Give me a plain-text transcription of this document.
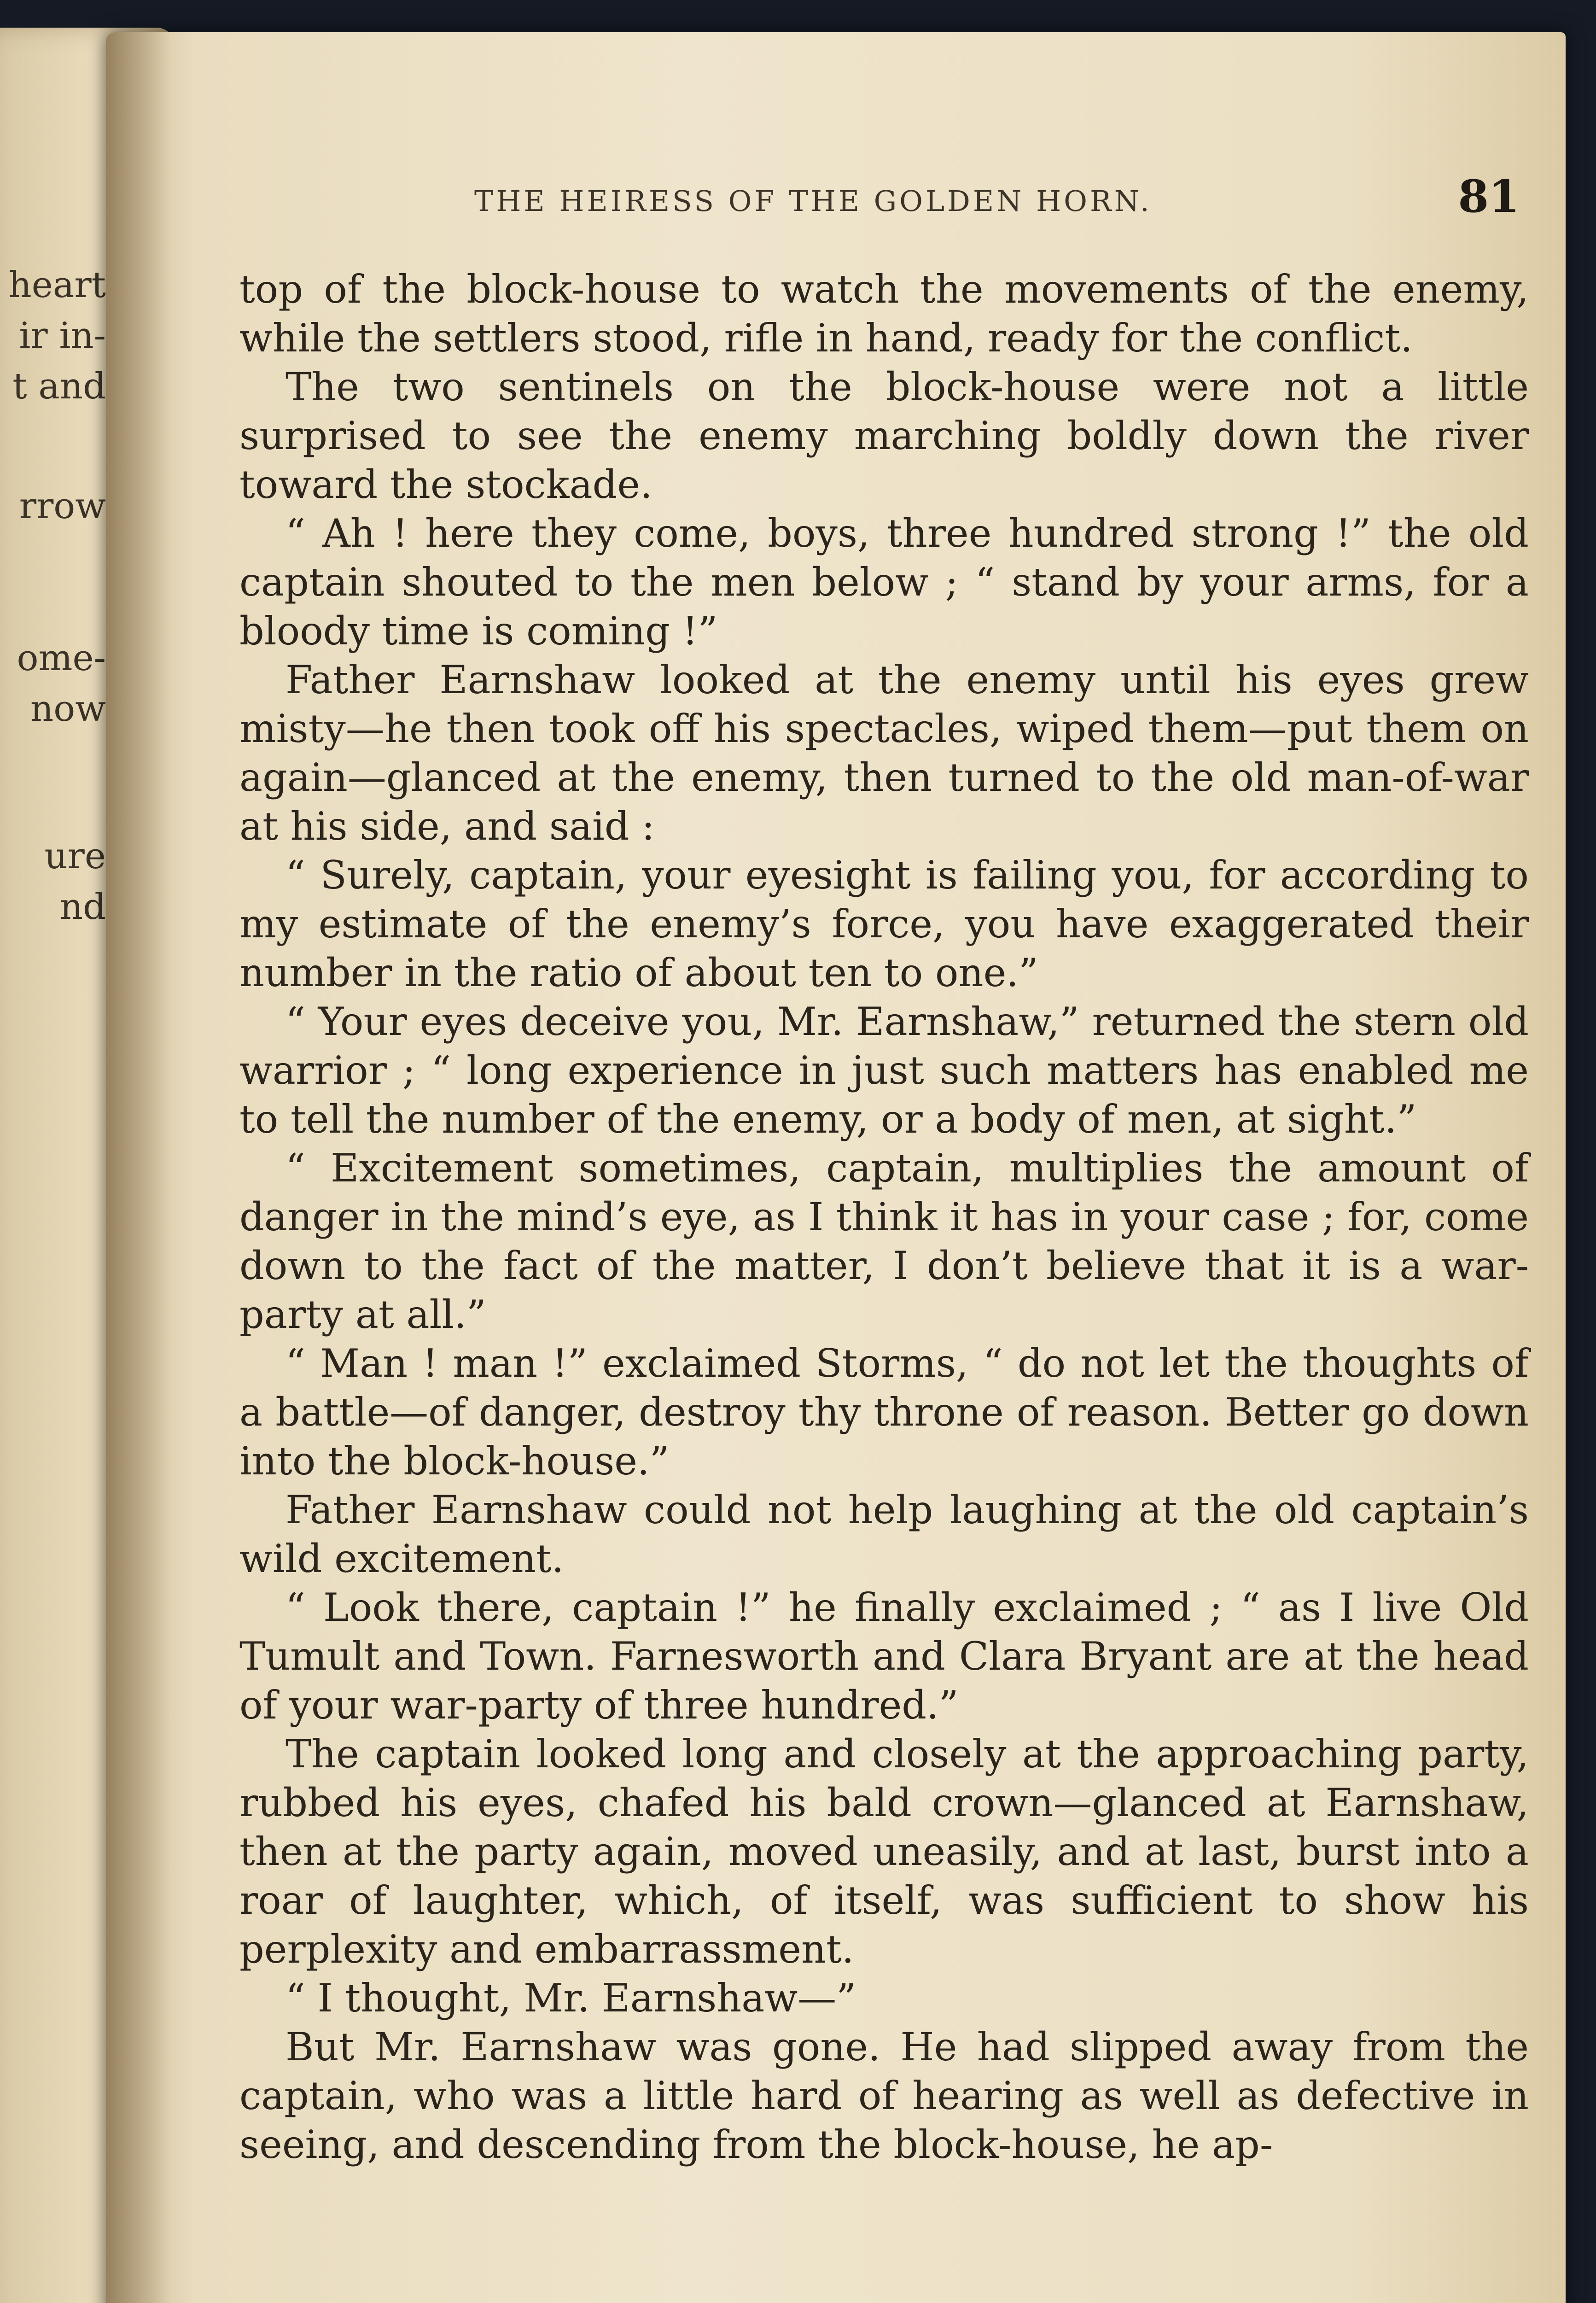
heart
ir in-
t and
rrow
ome-
now
ure
nd
THE HEIRESS OF THE GOLDEN HORN.	81

top of the block-house to watch the movements of the enemy, while the settlers stood, rifle in hand, ready for the conflict.

The two sentinels on the block-house were not a little surprised to see the enemy marching boldly down the river toward the stockade.

“ Ah ! here they come, boys, three hundred strong !” the old captain shouted to the men below ; “ stand by your arms, for a bloody time is coming !”

Father Earnshaw looked at the enemy until his eyes grew misty—he then took off his spectacles, wiped them—put them on again—glanced at the enemy, then turned to the old man-of-war at his side, and said :

“ Surely, captain, your eyesight is failing you, for according to my estimate of the enemy’s force, you have exaggerated their number in the ratio of about ten to one.”

“ Your eyes deceive you, Mr. Earnshaw,” returned the stern old warrior ; “ long experience in just such matters has enabled me to tell the number of the enemy, or a body of men, at sight.”

“ Excitement sometimes, captain, multiplies the amount of danger in the mind’s eye, as I think it has in your case ; for, come down to the fact of the matter, I don’t believe that it is a war-party at all.”

“ Man ! man !” exclaimed Storms, “ do not let the thoughts of a battle—of danger, destroy thy throne of reason. Better go down into the block-house.”

Father Earnshaw could not help laughing at the old captain’s wild excitement.

“ Look there, captain !” he finally exclaimed ; “ as I live Old Tumult and Town. Farnesworth and Clara Bryant are at the head of your war-party of three hundred.”

The captain looked long and closely at the approaching party, rubbed his eyes, chafed his bald crown—glanced at Earnshaw, then at the party again, moved uneasily, and at last, burst into a roar of laughter, which, of itself, was sufficient to show his perplexity and embarrassment.

“ I thought, Mr. Earnshaw—”

But Mr. Earnshaw was gone. He had slipped away from the captain, who was a little hard of hearing as well as defective in seeing, and descending from the block-house, he ap-
